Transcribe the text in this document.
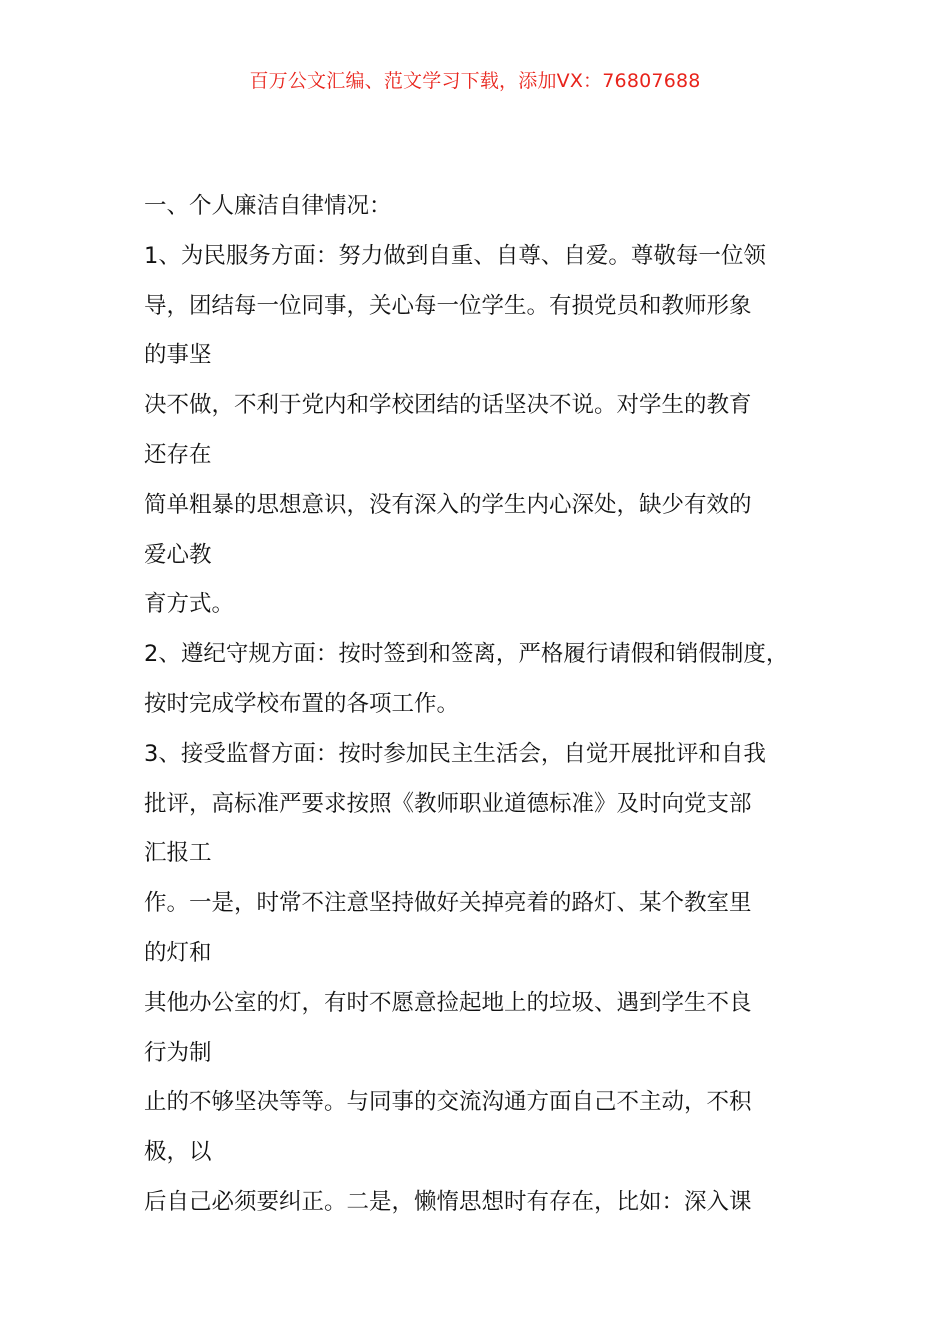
百万公文汇编、范文学习下载，添加VX：76807688
一、个人廉洁自律情况：
1、为民服务方面：努力做到自重、自尊、自爱。尊敬每一位领
导，团结每一位同事，关心每一位学生。有损党员和教师形象
的事坚
决不做，不利于党内和学校团结的话坚决不说。对学生的教育
还存在
简单粗暴的思想意识，没有深入的学生内心深处，缺少有效的
爱心教
育方式。
2、遵纪守规方面：按时签到和签离，严格履行请假和销假制度，
按时完成学校布置的各项工作。
3、接受监督方面：按时参加民主生活会，自觉开展批评和自我
批评，高标准严要求按照《教师职业道德标准》及时向党支部
汇报工
作。一是，时常不注意坚持做好关掉亮着的路灯、某个教室里
的灯和
其他办公室的灯，有时不愿意捡起地上的垃圾、遇到学生不良
行为制
止的不够坚决等等。与同事的交流沟通方面自己不主动，不积
极，以
后自己必须要纠正。二是，懒惰思想时有存在，比如：深入课
